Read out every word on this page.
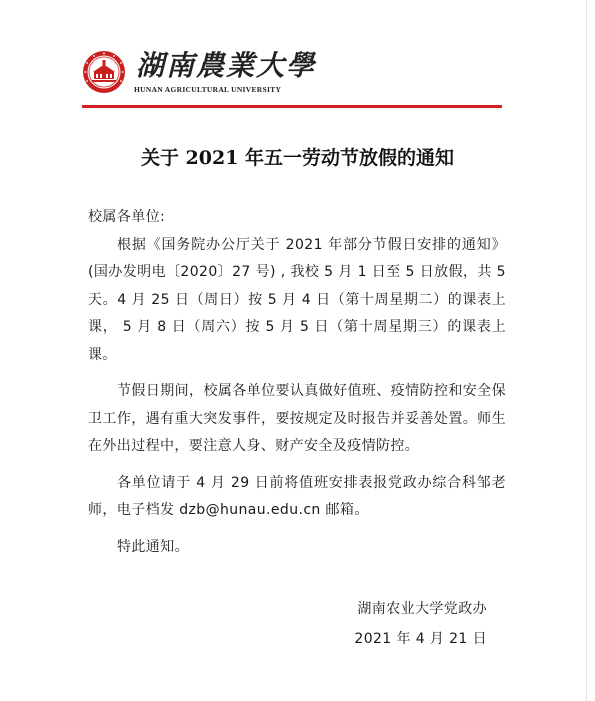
湖南農業大學
HUNAN AGRICULTURAL UNIVERSITY
关于 2021 年五一劳动节放假的通知

校属各单位:

根据《国务院办公厅关于 2021 年部分节假日安排的通知》(国办发明电〔2020〕27 号) , 我校 5 月 1 日至 5 日放假，共 5 天。4 月 25 日（周日）按 5 月 4 日（第十周星期二）的课表上课， 5 月 8 日（周六）按 5 月 5 日（第十周星期三）的课表上课。

节假日期间，校属各单位要认真做好值班、疫情防控和安全保卫工作，遇有重大突发事件，要按规定及时报告并妥善处置。师生在外出过程中，要注意人身、财产安全及疫情防控。

各单位请于 4 月 29 日前将值班安排表报党政办综合科邹老师，电子档发 dzb@hunau.edu.cn 邮箱。

特此通知。

湖南农业大学党政办
2021 年 4 月 21 日
